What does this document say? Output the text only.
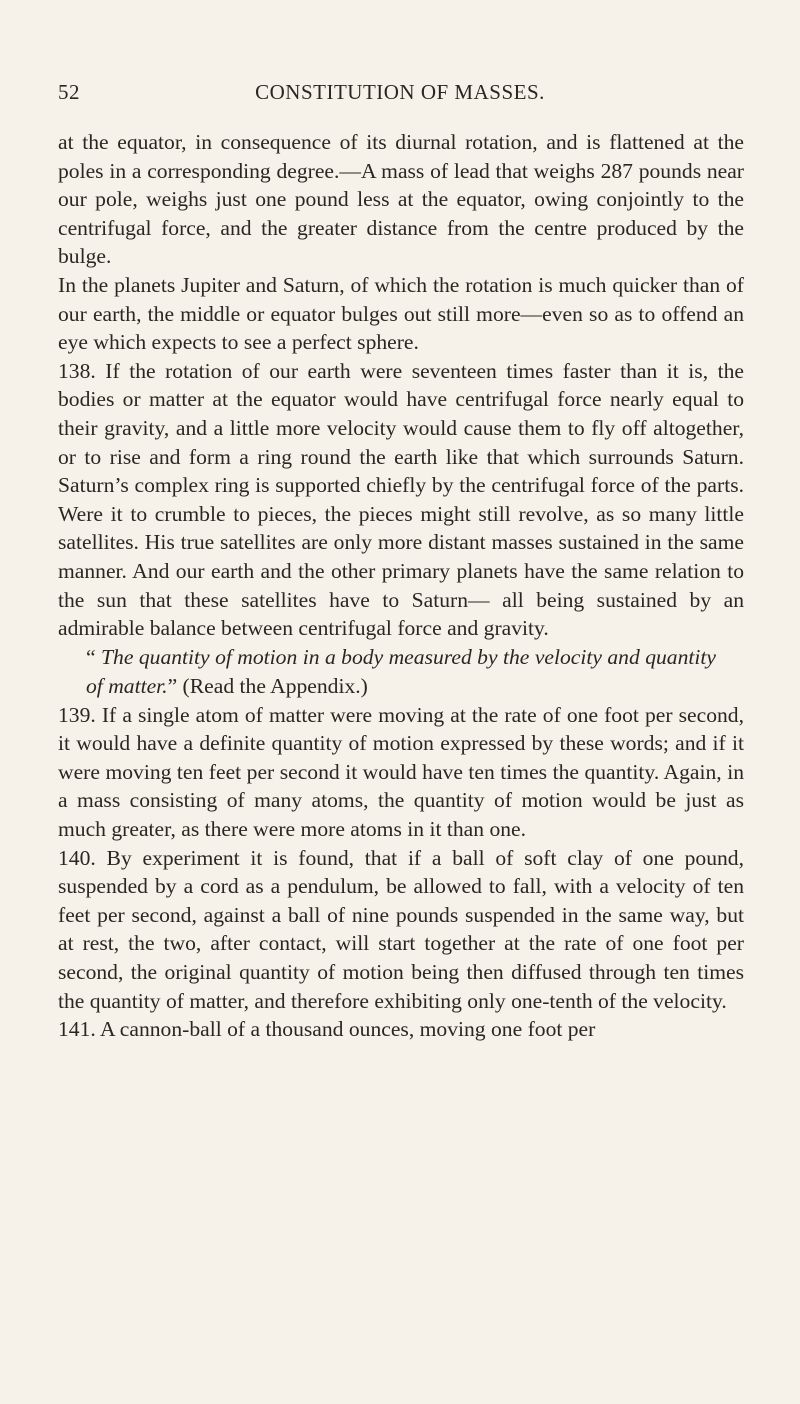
52	CONSTITUTION OF MASSES.

at the equator, in consequence of its diurnal rotation, and is flattened at the poles in a corresponding degree.—A mass of lead that weighs 287 pounds near our pole, weighs just one pound less at the equator, owing conjointly to the centrifugal force, and the greater distance from the centre produced by the bulge.

In the planets Jupiter and Saturn, of which the rotation is much quicker than of our earth, the middle or equator bulges out still more—even so as to offend an eye which expects to see a perfect sphere.

138. If the rotation of our earth were seventeen times faster than it is, the bodies or matter at the equator would have centrifugal force nearly equal to their gravity, and a little more velocity would cause them to fly off altogether, or to rise and form a ring round the earth like that which surrounds Saturn. Saturn’s complex ring is supported chiefly by the centrifugal force of the parts. Were it to crumble to pieces, the pieces might still revolve, as so many little satellites. His true satellites are only more distant masses sustained in the same manner. And our earth and the other primary planets have the same relation to the sun that these satellites have to Saturn— all being sustained by an admirable balance between centrifugal force and gravity.

“ The quantity of motion in a body measured by the velocity and quantity of matter.” (Read the Appendix.)

139. If a single atom of matter were moving at the rate of one foot per second, it would have a definite quantity of motion expressed by these words; and if it were moving ten feet per second it would have ten times the quantity. Again, in a mass consisting of many atoms, the quantity of motion would be just as much greater, as there were more atoms in it than one.

140. By experiment it is found, that if a ball of soft clay of one pound, suspended by a cord as a pendulum, be allowed to fall, with a velocity of ten feet per second, against a ball of nine pounds suspended in the same way, but at rest, the two, after contact, will start together at the rate of one foot per second, the original quantity of motion being then diffused through ten times the quantity of matter, and therefore exhibiting only one-tenth of the velocity.

141. A cannon-ball of a thousand ounces, moving one foot per
